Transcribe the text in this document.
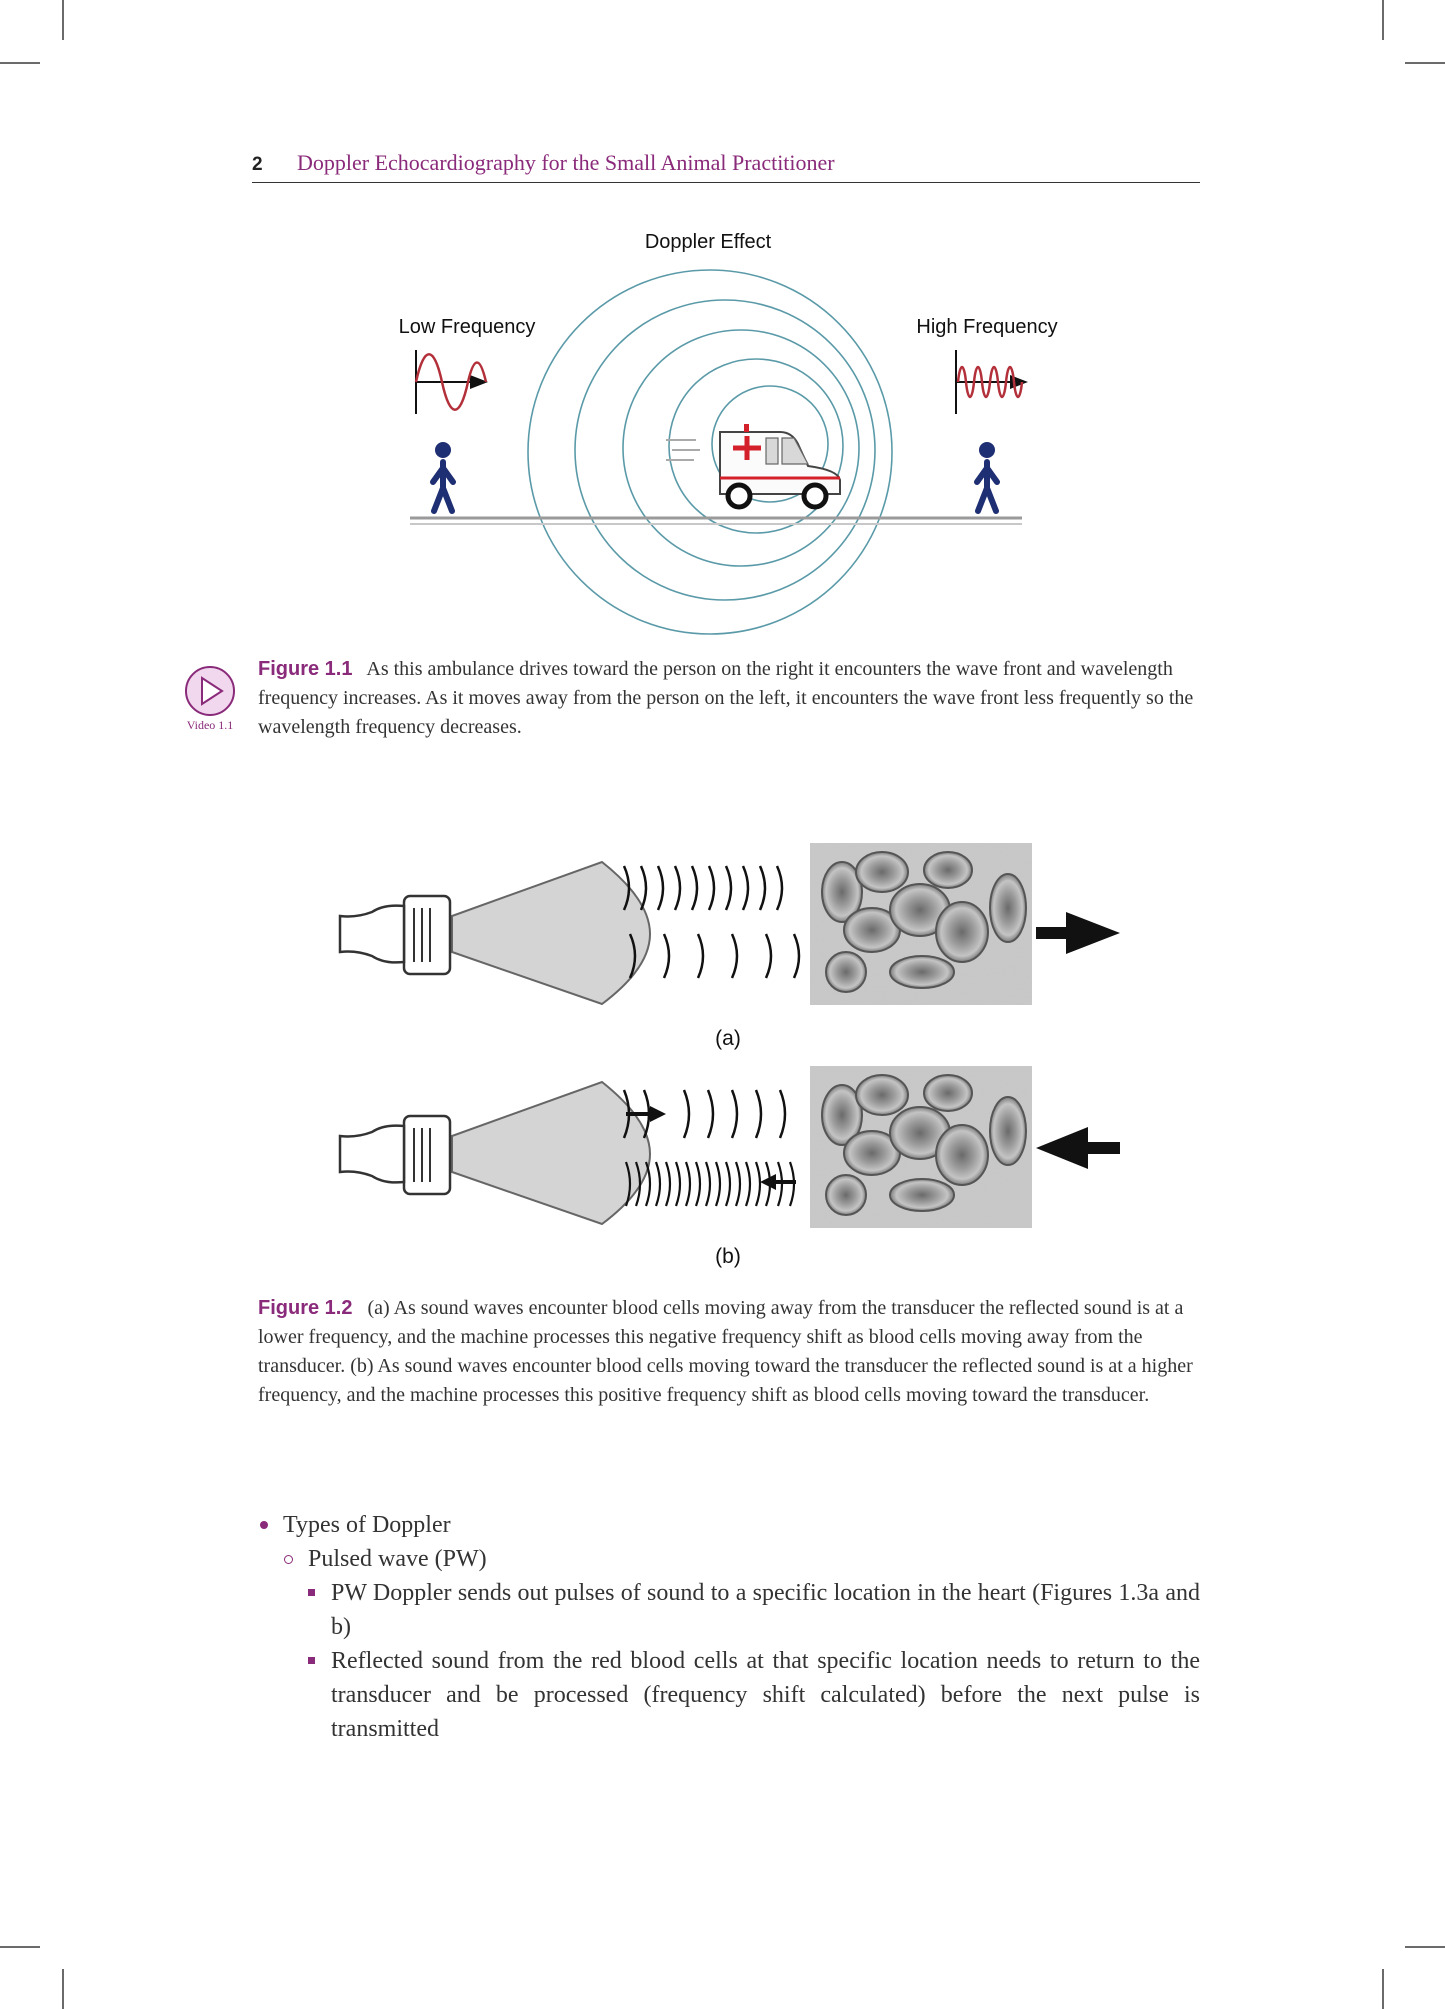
2 Doppler Echocardiography for the Small Animal Practitioner
Doppler Effect
Low Frequency	High Frequency
Video 1.1
Figure 1.1 As this ambulance drives toward the person on the right it encounters the wave front and wavelength frequency increases. As it moves away from the person on the left, it encounters the wave front less frequently so the wavelength frequency decreases.
(a)
(b)
Figure 1.2 (a) As sound waves encounter blood cells moving away from the transducer the reflected sound is at a lower frequency, and the machine processes this negative frequency shift as blood cells moving away from the transducer. (b) As sound waves encounter blood cells moving toward the transducer the reflected sound is at a higher frequency, and the machine processes this positive frequency shift as blood cells moving toward the transducer.
Types of Doppler
Pulsed wave (PW)
PW Doppler sends out pulses of sound to a specific location in the heart (Figures 1.3a and b)
Reflected sound from the red blood cells at that specific location needs to return to the transducer and be processed (frequency shift calculated) before the next pulse is transmitted
